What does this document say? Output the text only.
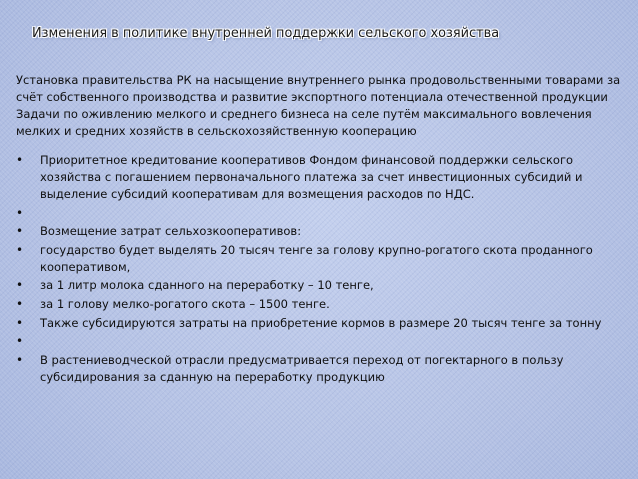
Изменения в политике внутренней поддержки сельского хозяйства

Установка правительства РК на насыщение внутреннего рынка продовольственными товарами за счёт собственного производства и развитие экспортного потенциала отечественной продукции

Задачи по оживлению мелкого и среднего бизнеса на селе путём максимального вовлечения мелких и средних хозяйств в сельскохозяйственную кооперацию

• Приоритетное кредитование кооперативов Фондом финансовой поддержки сельского хозяйства с погашением первоначального платежа за счет инвестиционных субсидий и выделение субсидий кооперативам для возмещения расходов по НДС.
•
• Возмещение затрат сельхозкооперативов:
• государство будет выделять 20 тысяч тенге за голову крупно-рогатого скота проданного кооперативом,
• за 1 литр молока сданного на переработку – 10 тенге,
• за 1 голову мелко-рогатого скота – 1500 тенге.
• Также субсидируются затраты на приобретение кормов в размере 20 тысяч тенге за тонну
•
• В растениеводческой отрасли предусматривается переход от погектарного в пользу субсидирования за сданную на переработку продукцию
